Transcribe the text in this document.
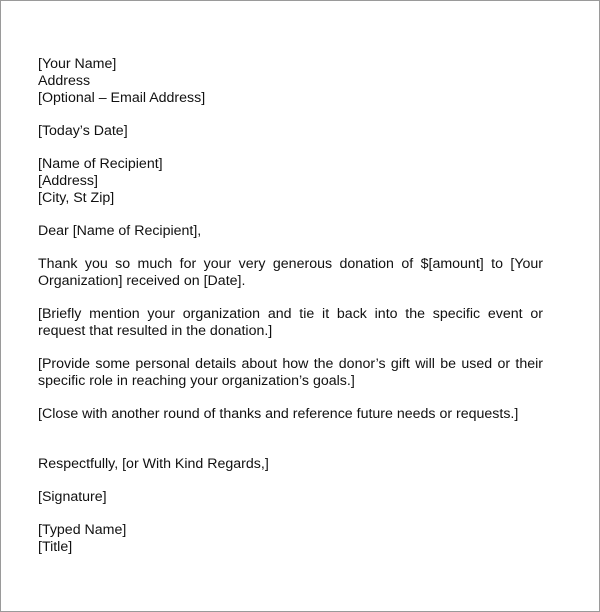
[Your Name]

Address

[Optional – Email Address]

[Today’s Date]

[Name of Recipient]

[Address]

[City, St Zip]

Dear [Name of Recipient],

Thank you so much for your very generous donation of $[amount] to [Your Organization] received on [Date].

[Briefly mention your organization and tie it back into the specific event or request that resulted in the donation.]

[Provide some personal details about how the donor’s gift will be used or their specific role in reaching your organization’s goals.]

[Close with another round of thanks and reference future needs or requests.]

Respectfully, [or With Kind Regards,]

[Signature]

[Typed Name]

[Title]
